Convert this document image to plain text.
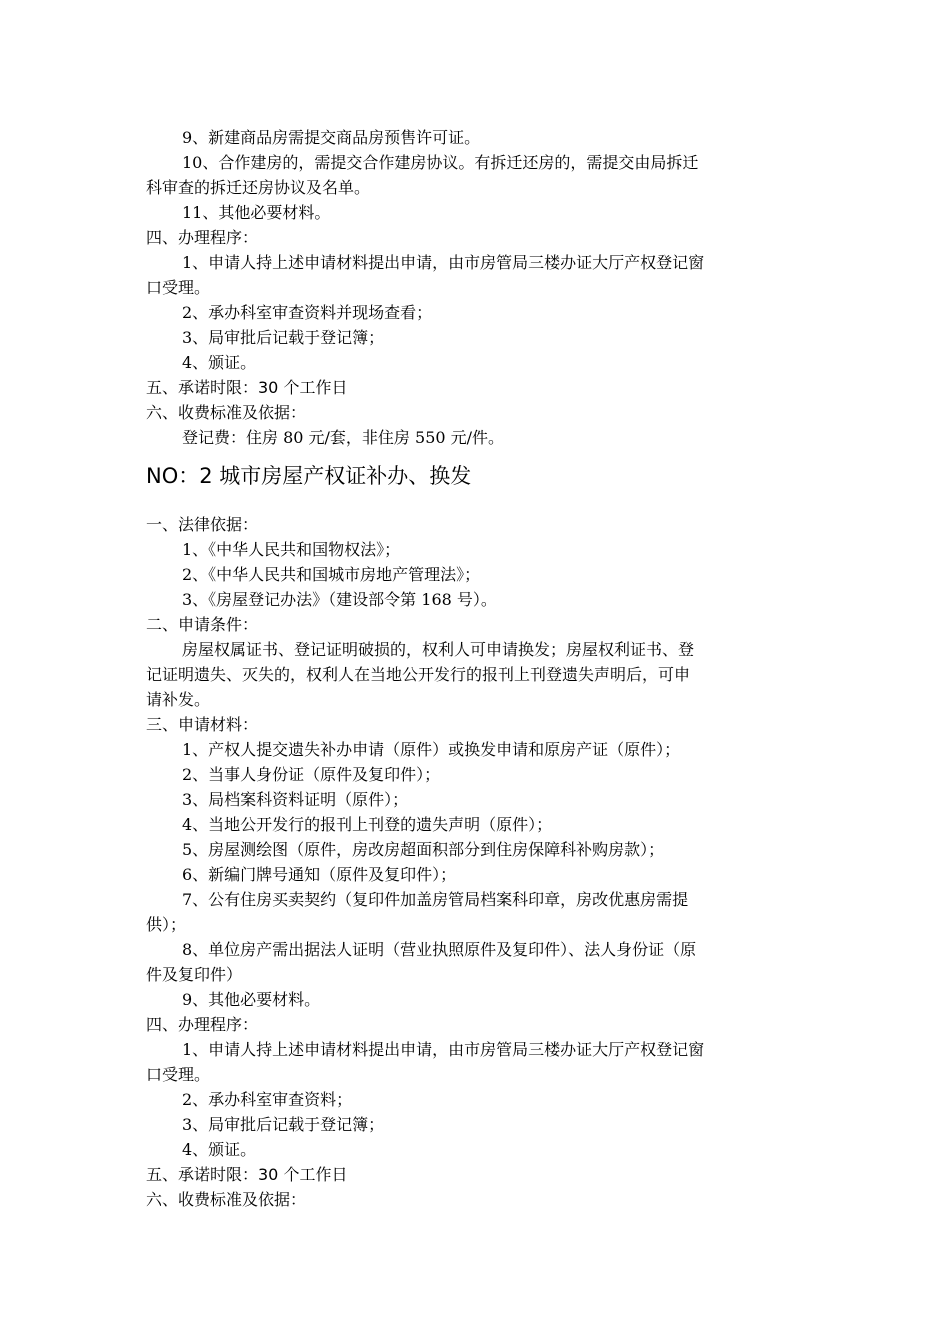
9、新建商品房需提交商品房预售许可证。
10、合作建房的，需提交合作建房协议。有拆迁还房的，需提交由局拆迁
科审查的拆迁还房协议及名单。
11、其他必要材料。
四、办理程序：
1、申请人持上述申请材料提出申请，由市房管局三楼办证大厅产权登记窗
口受理。
2、承办科室审查资料并现场查看；
3、局审批后记载于登记簿；
4、颁证。
五、承诺时限：30 个工作日
六、收费标准及依据：
登记费：住房 80 元/套，非住房 550 元/件。
NO：2 城市房屋产权证补办、换发
一、法律依据：
1、《中华人民共和国物权法》；
2、《中华人民共和国城市房地产管理法》；
3、《房屋登记办法》（建设部令第 168 号）。
二、申请条件：
房屋权属证书、登记证明破损的，权利人可申请换发；房屋权利证书、登
记证明遗失、灭失的，权利人在当地公开发行的报刊上刊登遗失声明后，可申
请补发。
三、申请材料：
1、产权人提交遗失补办申请（原件）或换发申请和原房产证（原件）；
2、当事人身份证（原件及复印件）；
3、局档案科资料证明（原件）；
4、当地公开发行的报刊上刊登的遗失声明（原件）；
5、房屋测绘图（原件，房改房超面积部分到住房保障科补购房款）；
6、新编门牌号通知（原件及复印件）；
7、公有住房买卖契约（复印件加盖房管局档案科印章，房改优惠房需提
供）；
8、单位房产需出据法人证明（营业执照原件及复印件）、法人身份证（原
件及复印件）
9、其他必要材料。
四、办理程序：
1、申请人持上述申请材料提出申请，由市房管局三楼办证大厅产权登记窗
口受理。
2、承办科室审查资料；
3、局审批后记载于登记簿；
4、颁证。
五、承诺时限：30 个工作日
六、收费标准及依据：
